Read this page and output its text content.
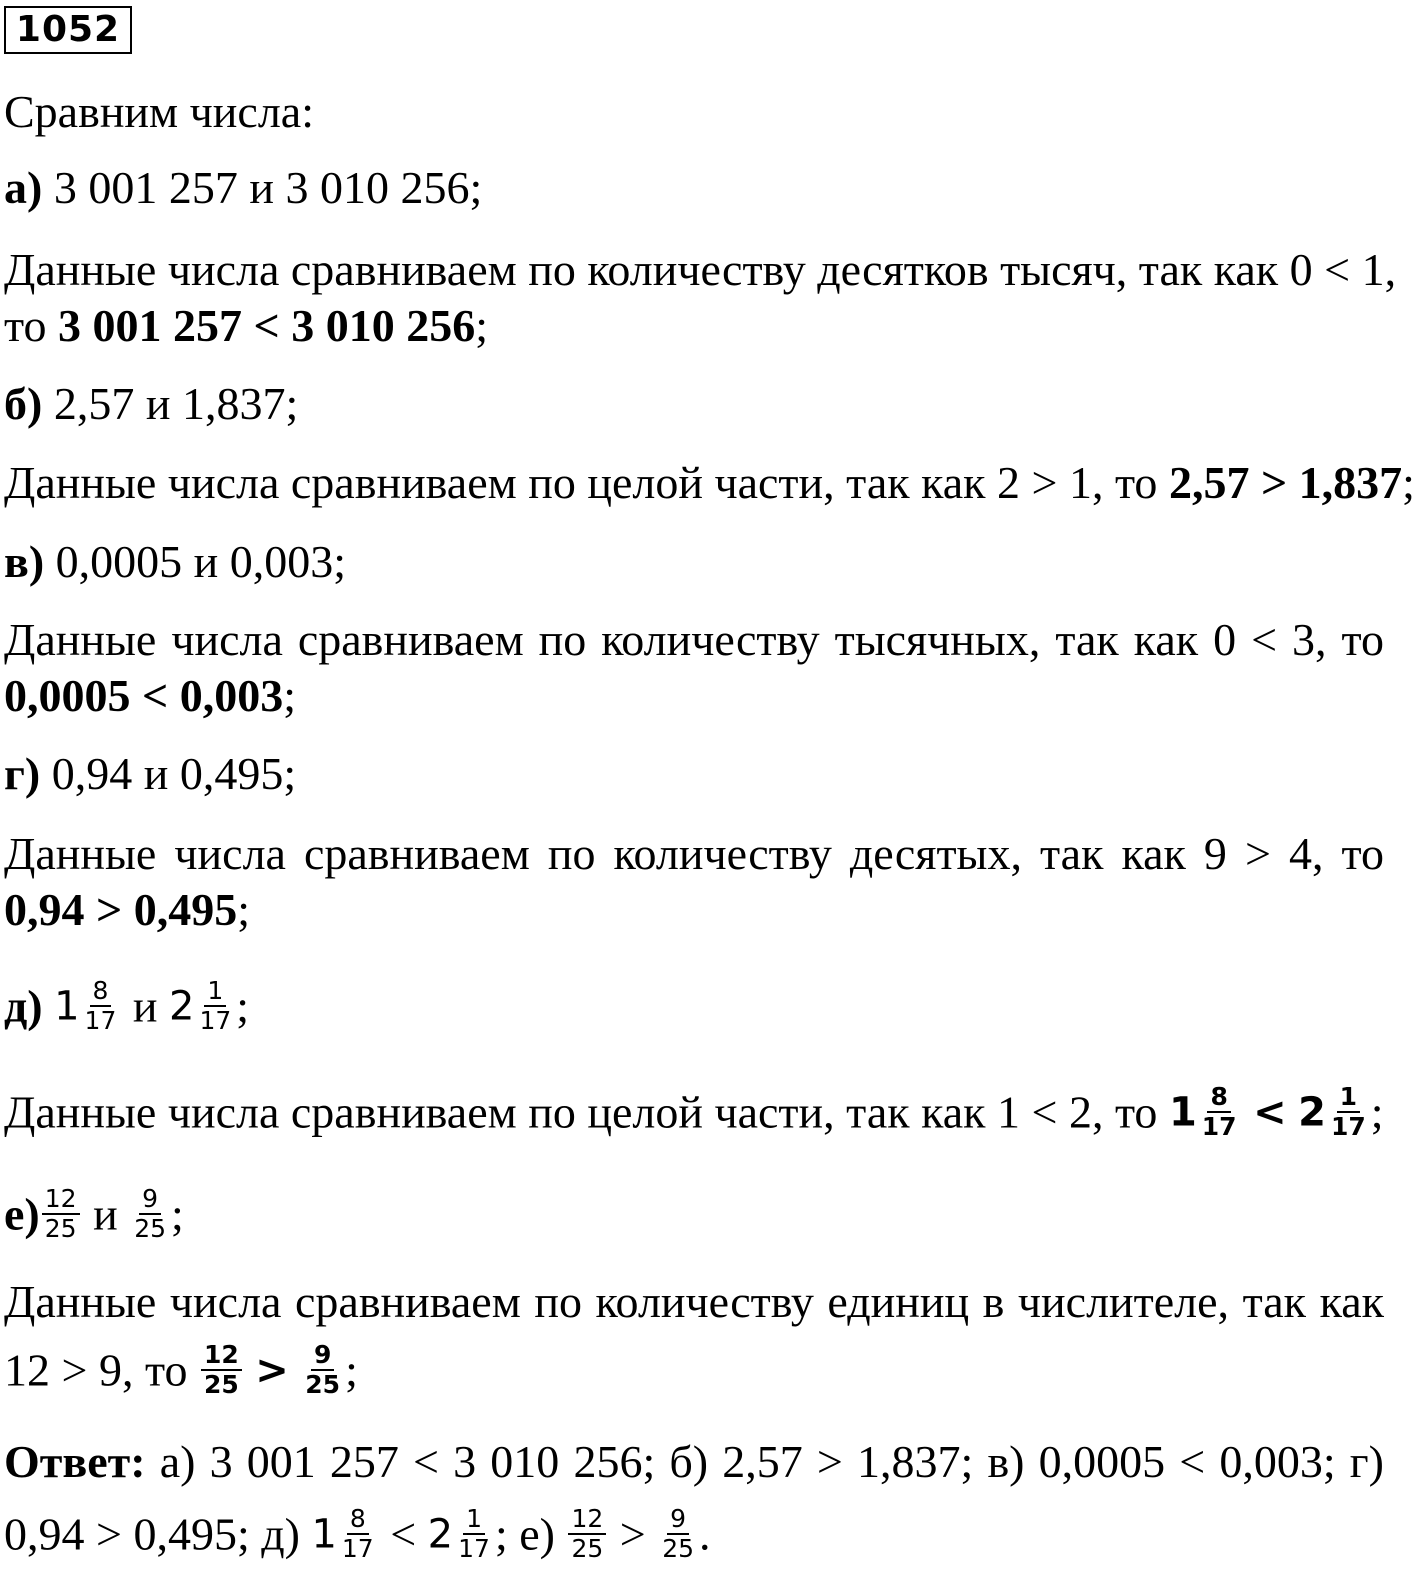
1052
Сравним числа:
а) 3 001 257 и 3 010 256;
Данные числа сравниваем по количеству десятков тысяч, так как 0 < 1,
то 3 001 257 < 3 010 256;
б) 2,57 и 1,837;
Данные числа сравниваем по целой части, так как 2 > 1, то 2,57 > 1,837;
в) 0,0005 и 0,003;
Данные числа сравниваем по количеству тысячных, так как 0 < 3, то
0,0005 < 0,003;
г) 0,94 и 0,495;
Данные числа сравниваем по количеству десятых, так как 9 > 4, то
0,94 > 0,495;
д) $1 \frac{8}{17}$ и $2 \frac{1}{17}$ ;
Данные числа сравниваем по целой части, так как 1 < 2, то $1 \frac{8}{17} < 2 \frac{1}{17}$ ;
$е) \frac{12}{25}$ и $\frac{9}{25}$ ;
Данные числа сравниваем по количеству единиц в числителе, так как
12 > 9, то $\frac{12}{25} > \frac{9}{25}$ ;
Ответ: а) 3 001 257 < 3 010 256; б) 2,57 > 1,837; в) 0,0005 < 0,003; г)
0,94 > 0,495; д) $1 \frac{8}{17} < 2 \frac{1}{17}$ ; $е) \frac{12}{25} > \frac{9}{25}$ .
